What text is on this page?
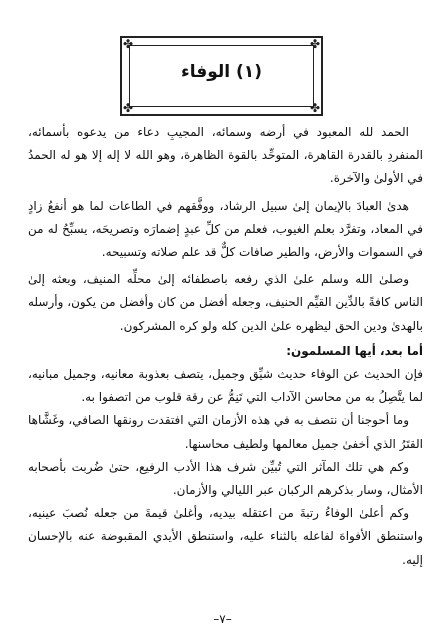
✤	✤
✤	✤
(١) الوفاء

الحمد لله المعبود في أرضه وسمائه، المجيبِ دعاء من يدعوه بأسمائه، المنفردِ بالقدرة القاهرة، المتوحِّد بالقوة الظاهرة، وهو الله لا إله إلا هو له الحمدُ في الأولىٰ والآخرة.

هدىٰ العبادَ بالإيمان إلىٰ سبيل الرشاد، ووفَّقهم في الطاعات لما هو أنفعُ زادٍ في المعاد، وتفرَّد بعلم الغيوب، فعلم من كلِّ عبدٍ إضمارَه وتصريحَه، يسبِّحُ له من في السموات والأرض، والطير صافات كلٌّ قد علم صلاته وتسبيحه.

وصلىٰ الله وسلم علىٰ الذي رفعه باصطفائه إلىٰ محلِّه المنيف، وبعثه إلىٰ الناس كافةً بالدِّين القيِّم الحنيف، وجعله أفضل من كان وأفضل من يكون، وأرسله بالهدىٰ ودين الحق ليظهره علىٰ الدين كله ولو كره المشركون.

أما بعد، أيها المسلمون:

فإن الحديث عن الوفاء حديث شيِّق وجميل، يتصف بعذوبة معانيه، وجميل مبانيه، لما يتَّصِلُ به من محاسن الآداب التي تَنِمُّ عن رقة قلوب من اتصفوا به.

وما أحوجنا أن نتصف به في هذه الأزمان التي افتقدت رونقها الصافي، وغَشَّاها القتَرُ الذي أخفىٰ جميل معالمها ولطيف محاسنها.

وكم هي تلك المآثر التي تُبيِّن شرف هذا الأدب الرفيع، حتىٰ ضُربت بأصحابه الأمثال، وسار بذكرهم الركبان عبر الليالي والأزمان.

وكم أعلىٰ الوفاءُ رتبةَ من اعتقله بيديه، وأغلىٰ قيمةَ من جعله نُصبَ عينيه، واستنطق الأفواهَ لفاعله بالثناء عليه، واستنطق الأيدي المقبوضة عنه بالإحسان إليه.

–٧–
